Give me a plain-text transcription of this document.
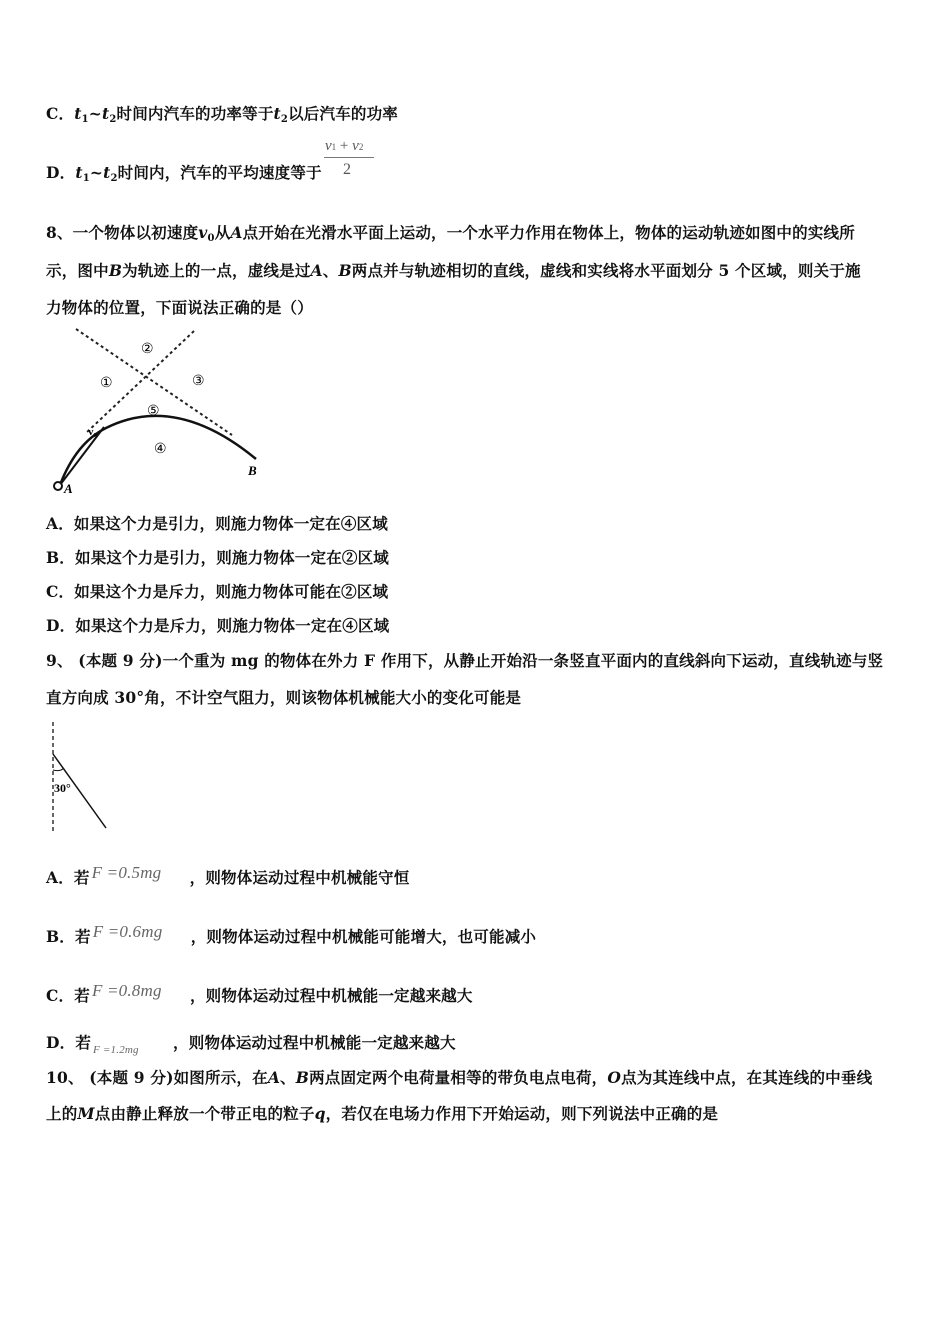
C．$t_1\sim t_2$时间内汽车的功率等于$t_2$以后汽车的功率
D．$t_1\sim t_2$时间内，汽车的平均速度等于
v1 + v2
2
8、一个物体以初速度$v_0$从A点开始在光滑水平面上运动，一个水平力作用在物体上，物体的运动轨迹如图中的实线所
示，图中B为轨迹上的一点，虚线是过A、B两点并与轨迹相切的直线，虚线和实线将水平面划分 5 个区域，则关于施
力物体的位置，下面说法正确的是（）
A
B
v₀
①
②
③
④
⑤
A．如果这个力是引力，则施力物体一定在④区域
B．如果这个力是引力，则施力物体一定在②区域
C．如果这个力是斥力，则施力物体可能在②区域
D．如果这个力是斥力，则施力物体一定在④区域
9、 (本题 9 分)一个重为 mg 的物体在外力 F 作用下，从静止开始沿一条竖直平面内的直线斜向下运动，直线轨迹与竖
直方向成 30°角，不计空气阻力，则该物体机械能大小的变化可能是
30°
A．若 F =0.5mg ，则物体运动过程中机械能守恒
B．若 F =0.6mg ，则物体运动过程中机械能可能增大，也可能减小
C．若 F =0.8mg ，则物体运动过程中机械能一定越来越大
D．若 F =1.2mg ，则物体运动过程中机械能一定越来越大
10、 (本题 9 分)如图所示，在A、B两点固定两个电荷量相等的带负电点电荷，O点为其连线中点，在其连线的中垂线
上的M点由静止释放一个带正电的粒子q，若仅在电场力作用下开始运动，则下列说法中正确的是
